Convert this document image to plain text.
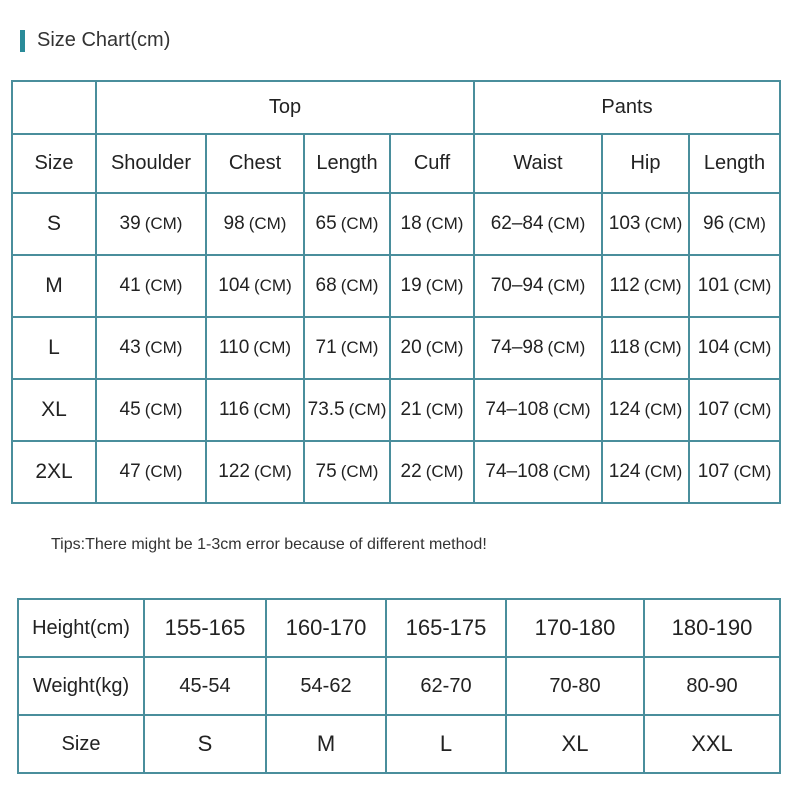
Size Chart(cm)
	Top				Pants		
Size	Shoulder	Chest	Length	Cuff	Waist	Hip	Length
S	39 (CM)	98 (CM)	65 (CM)	18 (CM)	62–84 (CM)	103 (CM)	96 (CM)
M	41 (CM)	104 (CM)	68 (CM)	19 (CM)	70–94 (CM)	112 (CM)	101 (CM)
L	43 (CM)	110 (CM)	71 (CM)	20 (CM)	74–98 (CM)	118 (CM)	104 (CM)
XL	45 (CM)	116 (CM)	73.5 (CM)	21 (CM)	74–108 (CM)	124 (CM)	107 (CM)
2XL	47 (CM)	122 (CM)	75 (CM)	22 (CM)	74–108 (CM)	124 (CM)	107 (CM)
Tips:There might be 1-3cm error because of different method!
Height(cm)	155-165	160-170	165-175	170-180	180-190
Weight(kg)	45-54	54-62	62-70	70-80	80-90
Size	S	M	L	XL	XXL
